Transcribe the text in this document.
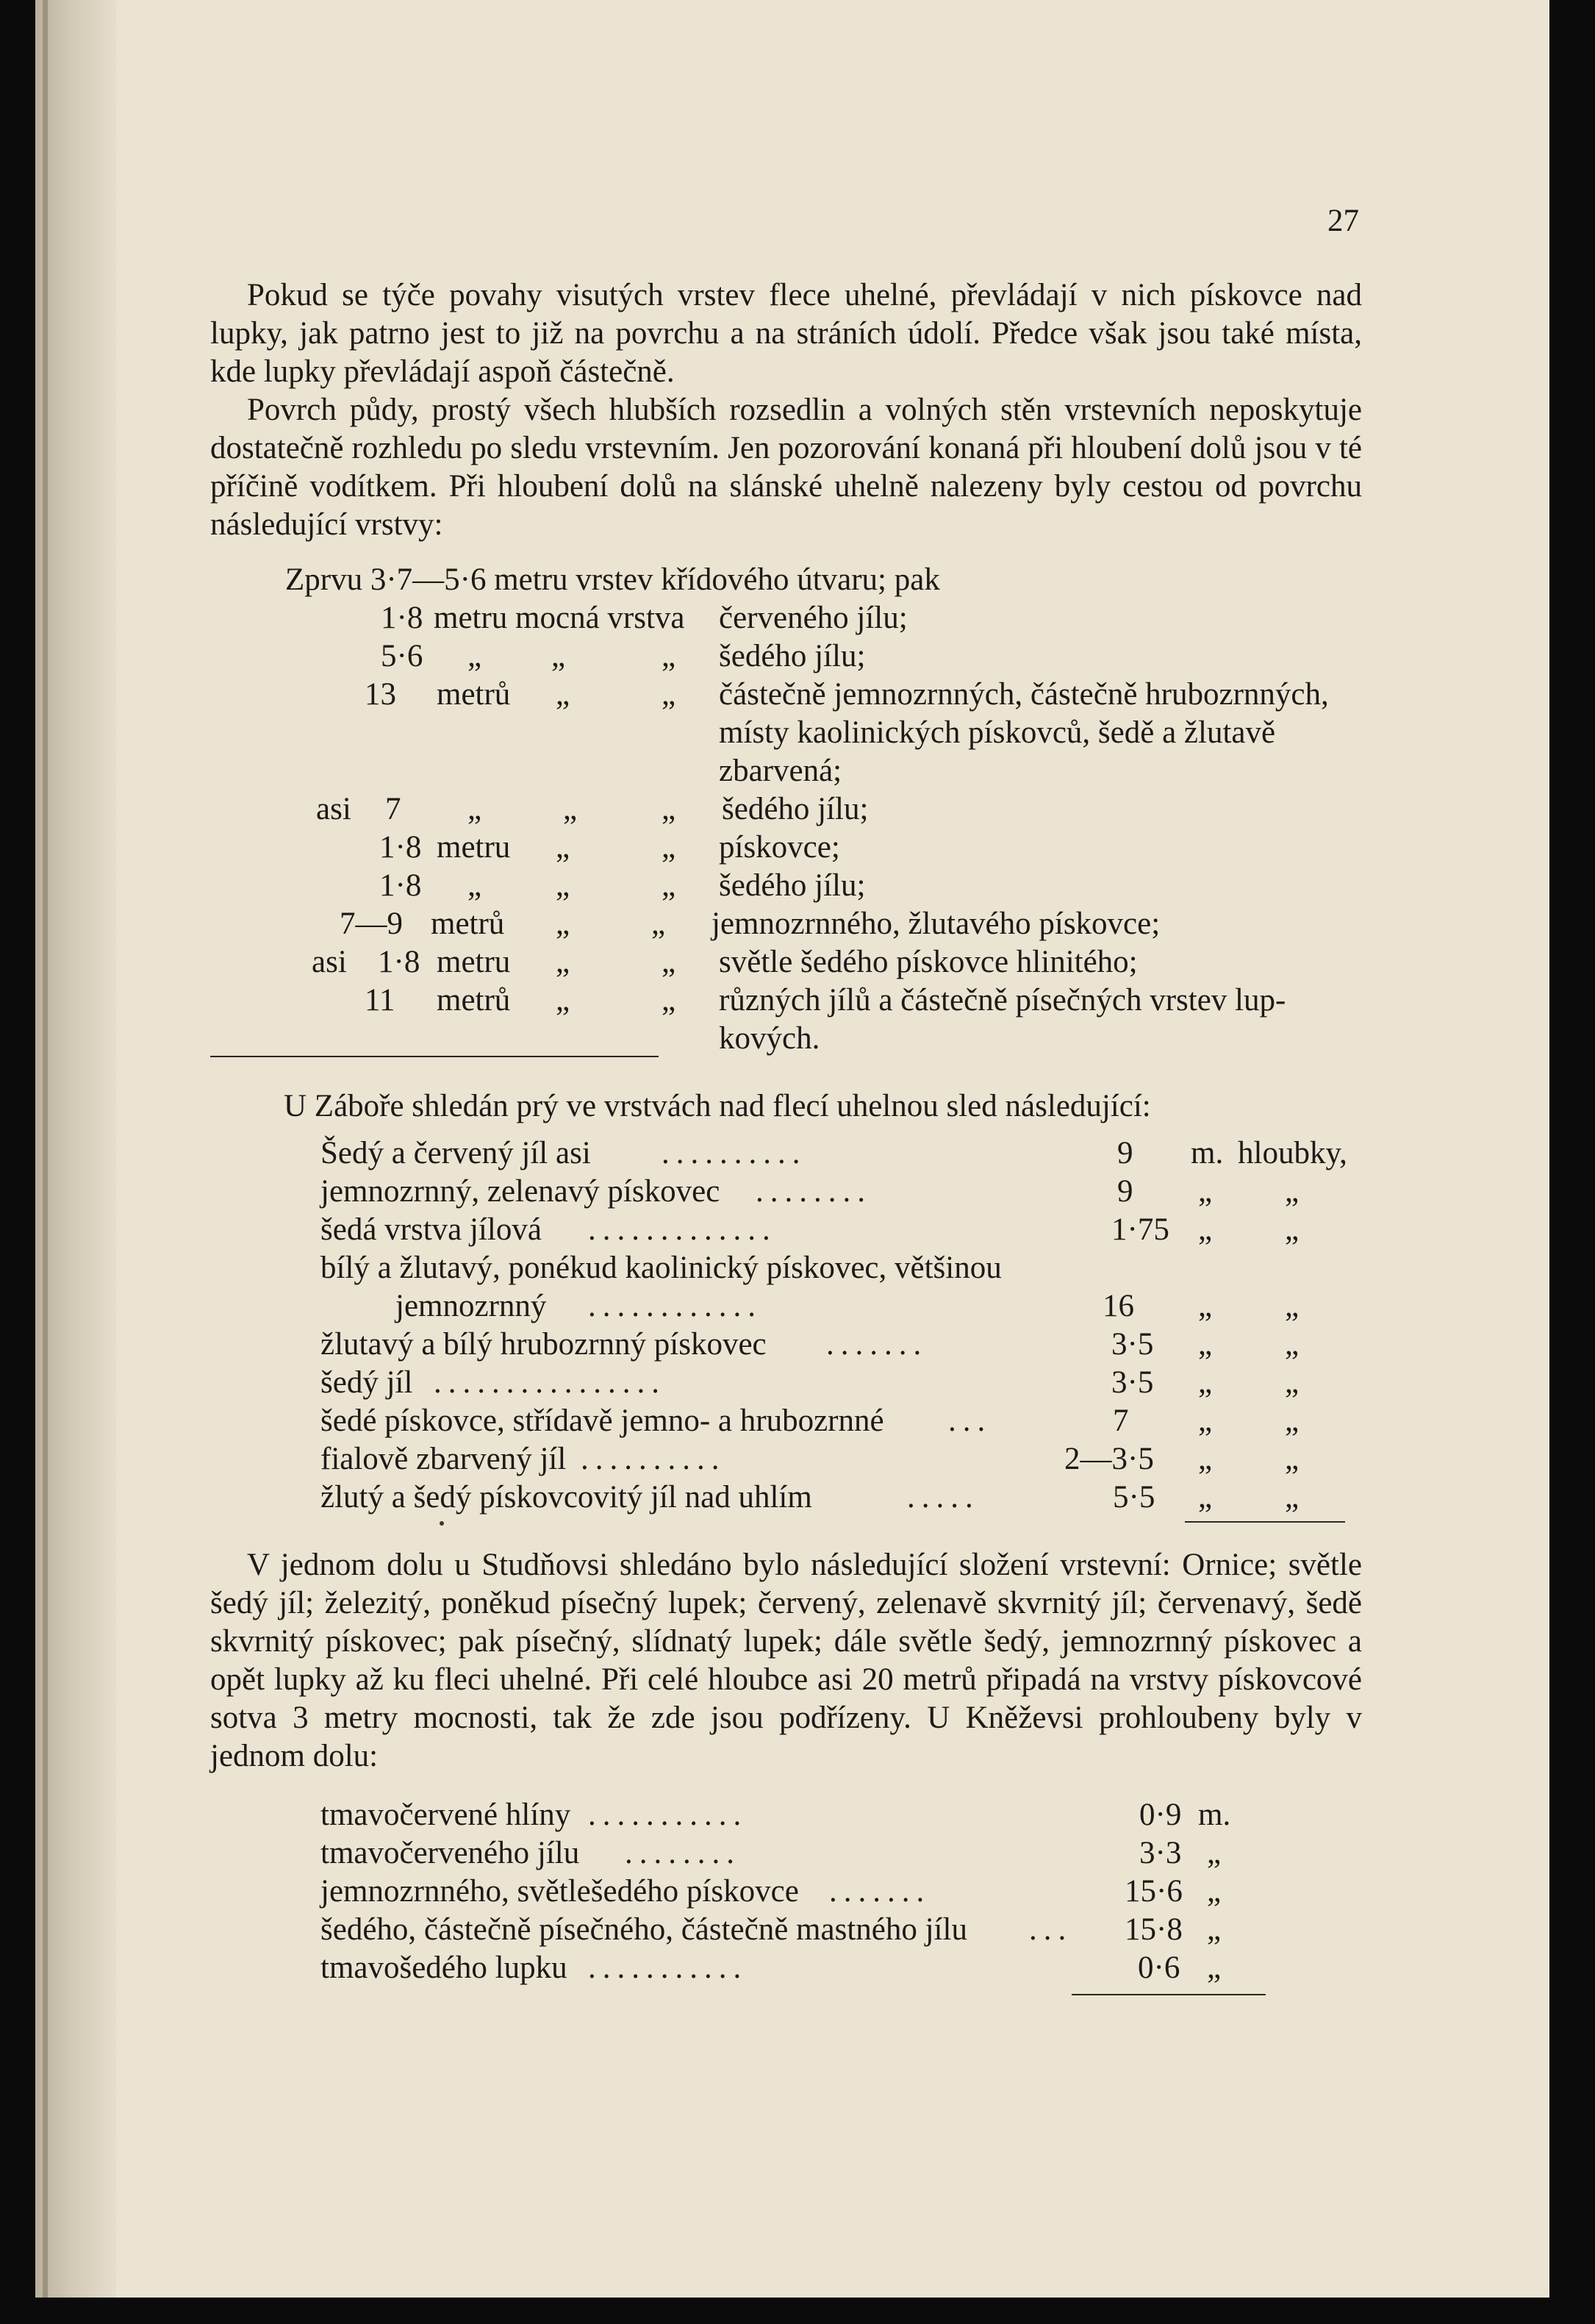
27

Pokud se týče povahy visutých vrstev flece uhelné, převládají v nich pískovce nad lupky, jak patrno jest to již na povrchu a na stráních údolí. Předce však jsou také místa, kde lupky převládají aspoň částečně.

Povrch půdy, prostý všech hlubších rozsedlin a volných stěn vrstevních neposkytuje dostatečně rozhledu po sledu vrstevním. Jen pozorování konaná při hloubení dolů jsou v té příčině vodítkem. Při hloubení dolů na slánské uhelně nalezeny byly cestou od povrchu následující vrstvy:

Zprvu 3·7—5·6 metru vrstev křídového útvaru; pak
1·8 metru mocná vrstva červeného jílu;
5·6 „ „	„ šedého jílu;
13 metrů „	„ částečně jemnozrnných, částečně hrubozrnných,
místy kaolinických pískovců, šedě a žlutavě
zbarvená;
asi 7 „	„	„ šedého jílu;
1·8 metru „	„ pískovce;
1·8 „ „	„ šedého jílu;
7—9 metrů „	„ jemnozrnného, žlutavého pískovce;
asi 1·8 metru „	„ světle šedého pískovce hlinitého;
11 metrů „	„ různých jílů a částečně písečných vrstev lup-
kových.
U Záboře shledán prý ve vrstvách nad flecí uhelnou sled následující:
Šedý a červený jíl asi ..........	9 m. hloubky,
jemnozrnný, zelenavý pískovec ........	9 „ „
šedá vrstva jílová .............	1·75 „ „
bílý a žlutavý, ponékud kaolinický pískovec, většinou
jemnozrnný ............	16 „ „
žlutavý a bílý hrubozrnný pískovec .......	3·5 „ „
šedý jíl ................	3·5 „ „
šedé pískovce, střídavě jemno- a hrubozrnné ...	7 „ „
fialově zbarvený jíl ..........	2—3·5 „ „
žlutý a šedý pískovcovitý jíl nad uhlím	.....	5·5 „ „

V jednom dolu u Studňovsi shledáno bylo následující složení vrstevní: Ornice; světle šedý jíl; železitý, poněkud písečný lupek; červený, zelenavě skvrnitý jíl; červenavý, šedě skvrnitý pískovec; pak písečný, slídnatý lupek; dále světle šedý, jemnozrnný pískovec a opět lupky až ku fleci uhelné. Při celé hloubce asi 20 metrů připadá na vrstvy pískovcové sotva 3 metry mocnosti, tak že zde jsou podřízeny. U Kněževsi prohloubeny byly v jednom dolu:

tmavočervené hlíny ...........	0·9 m.
tmavočerveného jílu ........	3·3 „
jemnozrnného, světlešedého pískovce .......	15·6 „
šedého, částečně písečného, částečně mastného jílu ... 15·8 „
tmavošedého lupku ...........	0·6 „
